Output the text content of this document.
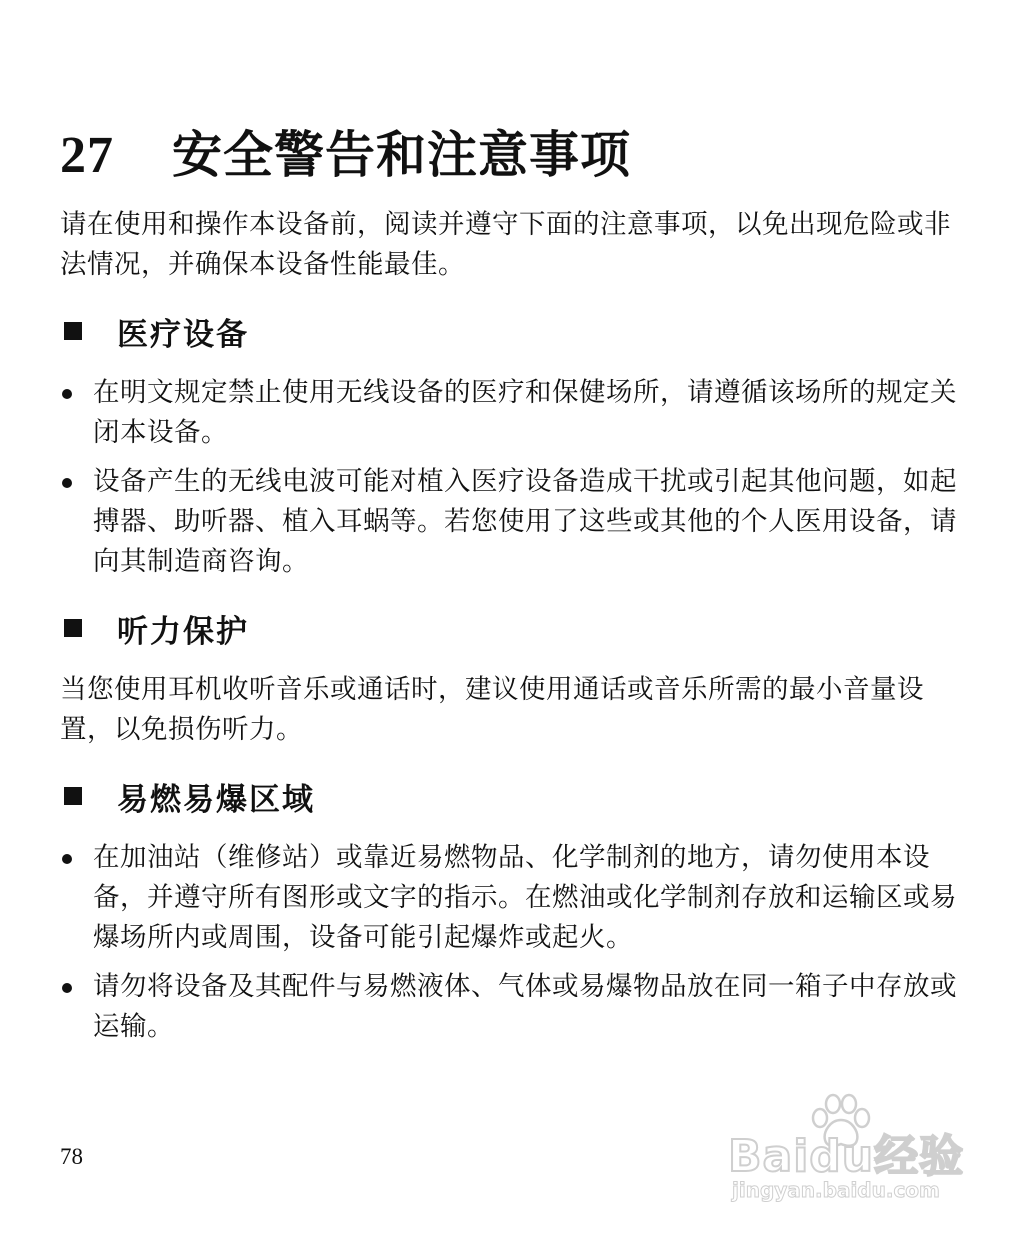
27	安全警告和注意事项

请在使用和操作本设备前，阅读并遵守下面的注意事项，以免出现危险或非法情况，并确保本设备性能最佳。

医疗设备
在明文规定禁止使用无线设备的医疗和保健场所，请遵循该场所的规定关闭本设备。
设备产生的无线电波可能对植入医疗设备造成干扰或引起其他问题，如起搏器、助听器、植入耳蜗等。若您使用了这些或其他的个人医用设备，请向其制造商咨询。
听力保护

当您使用耳机收听音乐或通话时，建议使用通话或音乐所需的最小音量设置，以免损伤听力。

易燃易爆区域
在加油站（维修站）或靠近易燃物品、化学制剂的地方，请勿使用本设备，并遵守所有图形或文字的指示。在燃油或化学制剂存放和运输区或易爆场所内或周围，设备可能引起爆炸或起火。
请勿将设备及其配件与易燃液体、气体或易爆物品放在同一箱子中存放或运输。
78	Baidu经验
jingyan.baidu.com
